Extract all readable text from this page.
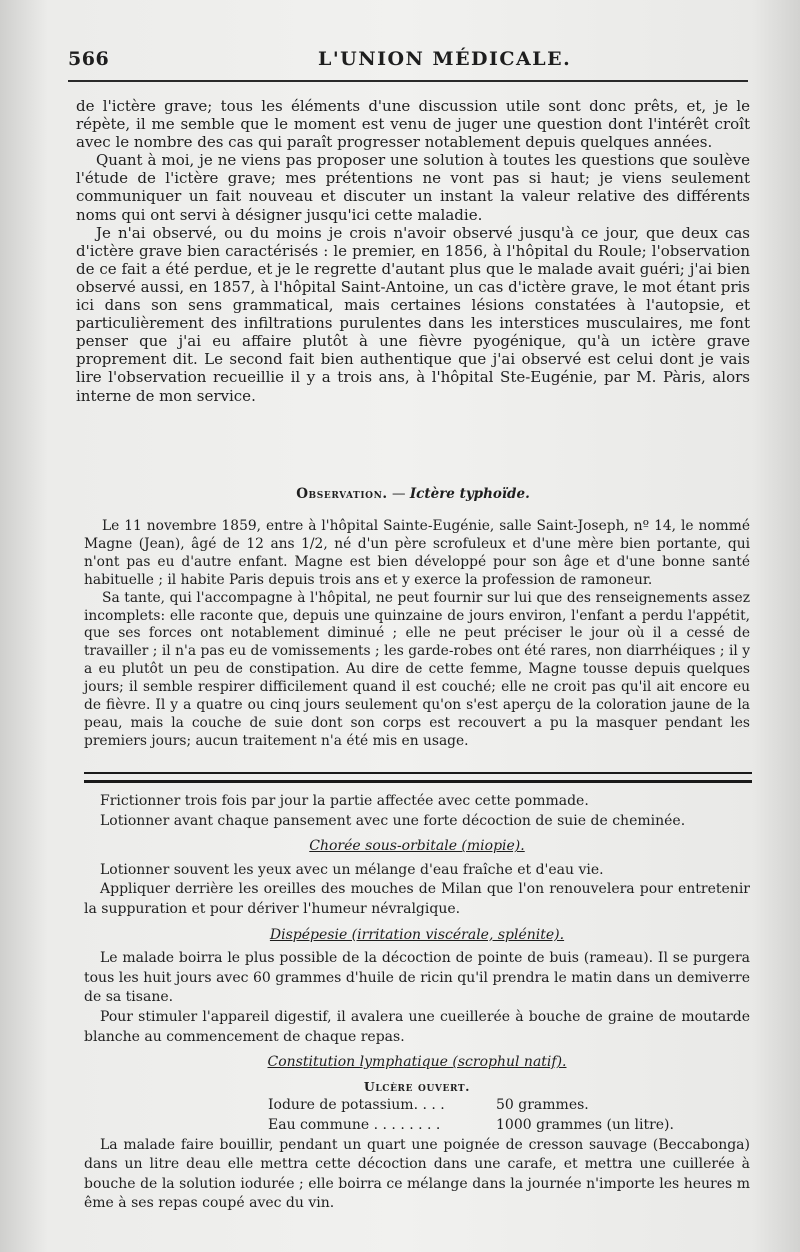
566	L'UNION MÉDICALE.

de l'ictère grave; tous les éléments d'une discussion utile sont donc prêts, et, je le répète, il me semble que le moment est venu de juger une question dont l'intérêt croît avec le nombre des cas qui paraît progresser notablement depuis quelques années.

Quant à moi, je ne viens pas proposer une solution à toutes les questions que soulève l'étude de l'ictère grave; mes prétentions ne vont pas si haut; je viens seulement communiquer un fait nouveau et discuter un instant la valeur relative des différents noms qui ont servi à désigner jusqu'ici cette maladie.

Je n'ai observé, ou du moins je crois n'avoir observé jusqu'à ce jour, que deux cas d'ictère grave bien caractérisés : le premier, en 1856, à l'hôpital du Roule; l'observation de ce fait a été perdue, et je le regrette d'autant plus que le malade avait guéri; j'ai bien observé aussi, en 1857, à l'hôpital Saint-Antoine, un cas d'ictère grave, le mot étant pris ici dans son sens grammatical, mais certaines lésions constatées à l'autopsie, et particulièrement des infiltrations purulentes dans les interstices musculaires, me font penser que j'ai eu affaire plutôt à une fièvre pyogénique, qu'à un ictère grave proprement dit. Le second fait bien authentique que j'ai observé est celui dont je vais lire l'observation recueillie il y a trois ans, à l'hôpital Ste-Eugénie, par M. Pàris, alors interne de mon service.

Observation. — Ictère typhoïde.

Le 11 novembre 1859, entre à l'hôpital Sainte-Eugénie, salle Saint-Joseph, nº 14, le nommé Magne (Jean), âgé de 12 ans 1/2, né d'un père scrofuleux et d'une mère bien portante, qui n'ont pas eu d'autre enfant. Magne est bien développé pour son âge et d'une bonne santé habituelle ; il habite Paris depuis trois ans et y exerce la profession de ramoneur.

Sa tante, qui l'accompagne à l'hôpital, ne peut fournir sur lui que des renseignements assez incomplets: elle raconte que, depuis une quinzaine de jours environ, l'enfant a perdu l'appétit, que ses forces ont notablement diminué ; elle ne peut préciser le jour où il a cessé de travailler ; il n'a pas eu de vomissements ; les garde-robes ont été rares, non diarrhéiques ; il y a eu plutôt un peu de constipation. Au dire de cette femme, Magne tousse depuis quelques jours; il semble respirer difficilement quand il est couché; elle ne croit pas qu'il ait encore eu de fièvre. Il y a quatre ou cinq jours seulement qu'on s'est aperçu de la coloration jaune de la peau, mais la couche de suie dont son corps est recouvert a pu la masquer pendant les premiers jours; aucun traitement n'a été mis en usage.

Frictionner trois fois par jour la partie affectée avec cette pommade.

Lotionner avant chaque pansement avec une forte décoction de suie de cheminée.

Chorée sous-orbitale (miopie).

Lotionner souvent les yeux avec un mélange d'eau fraîche et d'eau vie.

Appliquer derrière les oreilles des mouches de Milan que l'on renouvelera pour entretenir la suppuration et pour dériver l'humeur névralgique.

Dispépesie (irritation viscérale, splénite).

Le malade boirra le plus possible de la décoction de pointe de buis (rameau). Il se purgera tous les huit jours avec 60 grammes d'huile de ricin qu'il prendra le matin dans un demiverre de sa tisane.

Pour stimuler l'appareil digestif, il avalera une cueillerée à bouche de graine de moutarde blanche au commencement de chaque repas.

Constitution lymphatique (scrophul natif).

Ulcère ouvert.

Iodure de potassium. . . .	50 grammes.
Eau commune . . . . . . . .	1000 grammes (un litre).

La malade faire bouillir, pendant un quart une poignée de cresson sauvage (Beccabonga) dans un litre deau elle mettra cette décoction dans une carafe, et mettra une cuillerée à bouche de la solution iodurée ; elle boirra ce mélange dans la journée n'importe les heures m ême à ses repas coupé avec du vin.
